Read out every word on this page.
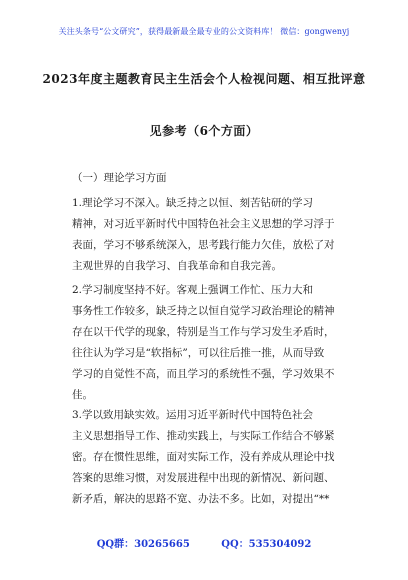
关注头条号“公文研究”，获得最新最全最专业的公文资料库！ 微信：gongwenyj
2023年度主题教育民主生活会个人检视问题、相互批评意
见参考（6个方面）
（一）理论学习方面
1.理论学习不深入。缺乏持之以恒、刻苦钻研的学习
精神，对习近平新时代中国特色社会主义思想的学习浮于
表面，学习不够系统深入，思考践行能力欠佳，放松了对
主观世界的自我学习、自我革命和自我完善。
2.学习制度坚持不好。客观上强调工作忙、压力大和
事务性工作较多，缺乏持之以恒自觉学习政治理论的精神
存在以干代学的现象，特别是当工作与学习发生矛盾时，
往往认为学习是“软指标”，可以往后推一推，从而导致
学习的自觉性不高，而且学习的系统性不强，学习效果不
佳。
3.学以致用缺实效。运用习近平新时代中国特色社会
主义思想指导工作、推动实践上，与实际工作结合不够紧
密。存在惯性思维，面对实际工作，没有养成从理论中找
答案的思维习惯，对发展进程中出现的新情况、新问题、
新矛盾，解决的思路不宽、办法不多。比如，对提出“**
QQ群：30265665	QQ：535304092
